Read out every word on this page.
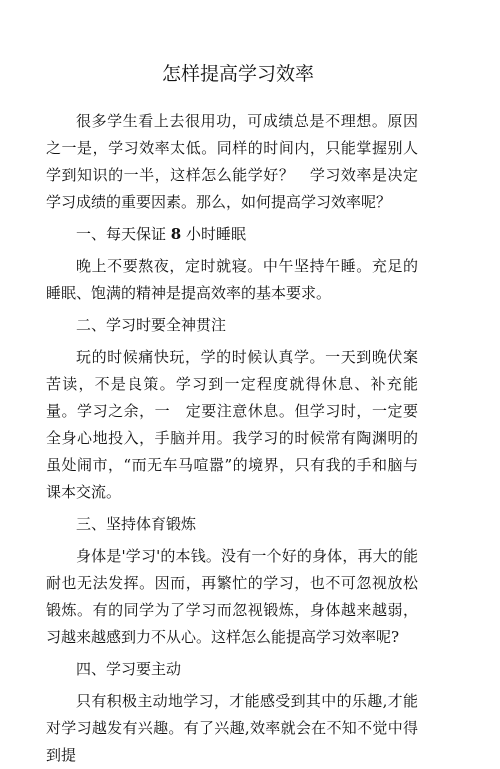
怎样提高学习效率

很多学生看上去很用功，可成绩总是不理想。原因之一是，学习效率太低。同样的时间内，只能掌握别人学到知识的一半，这样怎么能学好？　学习效率是决定学习成绩的重要因素。那么，如何提高学习效率呢？

一、每天保证 8 小时睡眠

晚上不要熬夜，定时就寝。中午坚持午睡。充足的睡眠、饱满的精神是提高效率的基本要求。

二、学习时要全神贯注

玩的时候痛快玩，学的时候认真学。一天到晚伏案苦读，不是良策。学习到一定程度就得休息、补充能量。学习之余，一　定要注意休息。但学习时，一定要全身心地投入，手脑并用。我学习的时候常有陶渊明的虽处闹市，“而无车马喧嚣”的境界，只有我的手和脑与课本交流。

三、坚持体育锻炼

身体是'学习'的本钱。没有一个好的身体，再大的能耐也无法发挥。因而，再繁忙的学习，也不可忽视放松锻炼。有的同学为了学习而忽视锻炼，身体越来越弱，习越来越感到力不从心。这样怎么能提高学习效率呢?

四、学习要主动

只有积极主动地学习，才能感受到其中的乐趣,才能对学习越发有兴趣。有了兴趣,效率就会在不知不觉中得到提
